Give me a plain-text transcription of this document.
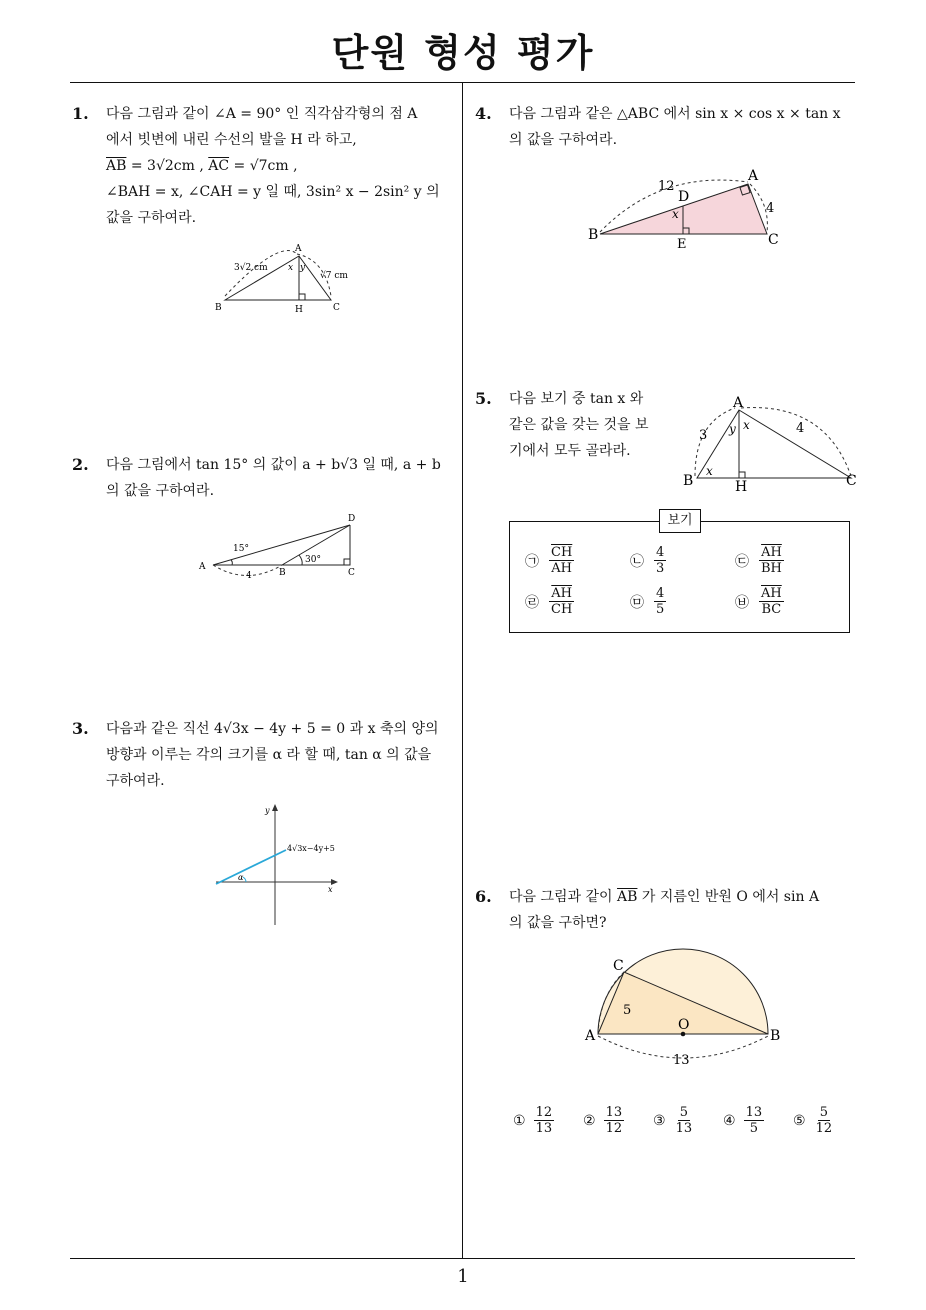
단원 형성 평가
1. 다음 그림과 같이 ∠A = 90° 인 직각삼각형의 점 A
에서 빗변에 내린 수선의 발을 H 라 하고,
$\overline{AB} = 3√2cm$ , $\overline{AC} = √7cm$ ,
∠BAH = x, ∠CAH = y 일 때, 3sin² x − 2sin² y 의
값을 구하여라.
A
B	H	C
3√2 cm
√7 cm
x y
2. 다음 그림에서 tan 15° 의 값이 a + b√3 일 때, a + b
의 값을 구하여라.
A
B	C
D
15°
30°
4
3. 다음과 같은 직선 4√3x − 4y + 5 = 0 과 x 축의 양의
방향과 이루는 각의 크기를 α 라 할 때, tan α 의 값을
구하여라.
y
x
4√3x−4y+5
α
4. 다음 그림과 같은 △ABC 에서 sin x × cos x × tan x
의 값을 구하여라.
B
A
C
D
E
12
4
x
5. 다음 보기 중 tan x 와
같은 값을 갖는 것을 보
기에서 모두 골라라.
A
B	H	C
3	4
x
x
y
보기
㉠ $\frac{\overline{CH}}{AH}$	㉡ $\frac{4}{3}$	㉢ $\frac{\overline{AH}}{BH}$
㉣ $\frac{\overline{AH}}{CH}$	㉤ $\frac{4}{5}$	㉥ $\frac{\overline{AH}}{BC}$
6. 다음 그림과 같이 $\overline{AB}$ 가 지름인 반원 O 에서 sin A
의 값을 구하면?
A	B
C
O
5
13
① $\frac{12}{13}$ ② $\frac{13}{12}$ ③ $\frac{5}{13}$ ④ $\frac{13}{5}$ ⑤ $\frac{5}{12}$
1
